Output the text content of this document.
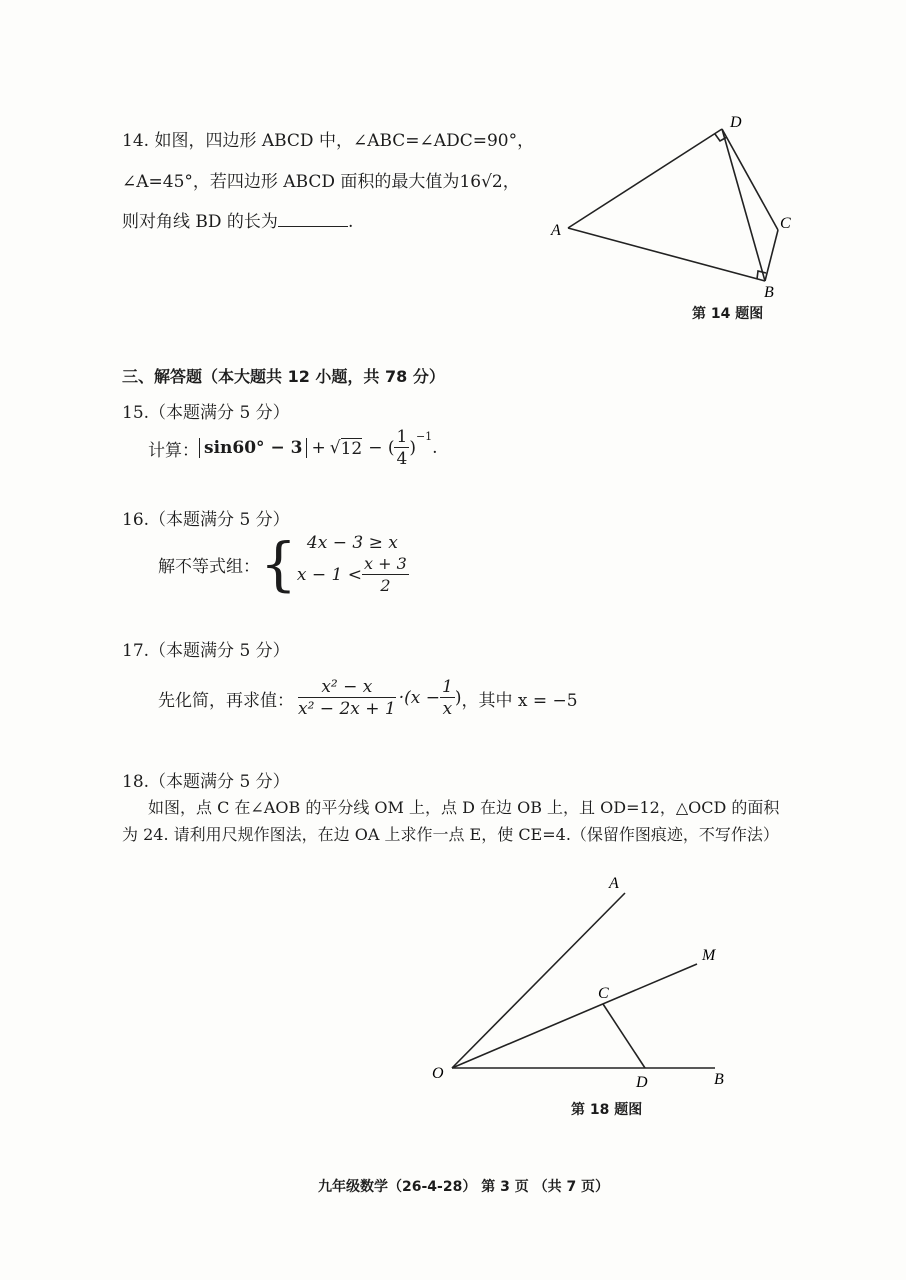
14. 如图，四边形 ABCD 中，∠ABC=∠ADC=90°，
∠A=45°，若四边形 ABCD 面积的最大值为16√2，
则对角线 BD 的长为	.	A
D
C
B
第 14 题图
三、解答题（本大题共 12 小题，共 78 分）
15.（本题满分 5 分）
计算： sin60° − 3 + √ 12 − ( $\frac{1}{4}$ )
$^{-1}$
.
16.（本题满分 5 分）
解不等式组： { 4x − 3 ≥ x
$x - 1 < \frac{x + 3}{2}$
17.（本题满分 5 分）
先化简，再求值： $\frac{\text{x² − x}}{\text{x² − 2x + 1}} \cdot(x - \frac{1}{x}$ ) ，其中 x = −5
18.（本题满分 5 分）
如图，点 C 在∠AOB 的平分线 OM 上，点 D 在边 OB 上，且 OD=12，△OCD 的面积
为 24. 请利用尺规作图法，在边 OA 上求作一点 E，使 CE=4.（保留作图痕迹，不写作法）
A
M
C
O
D	B
第 18 题图
九年级数学（26-4-28） 第 3 页 （共 7 页）
